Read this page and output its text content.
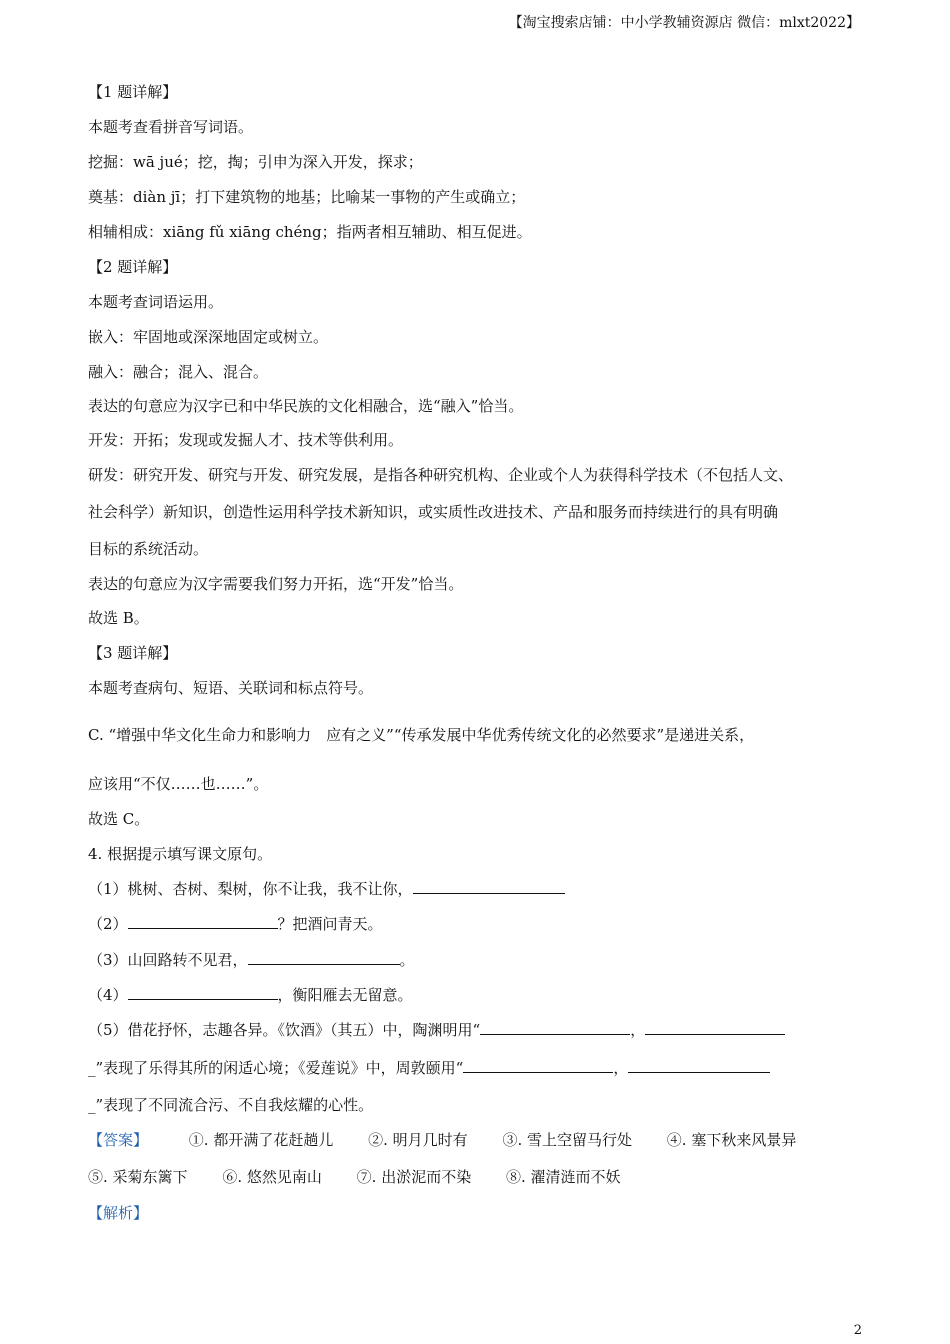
【淘宝搜索店铺：中小学教辅资源店 微信：mlxt2022】
【1 题详解】
本题考查看拼音写词语。
挖掘：wā jué；挖，掏；引申为深入开发，探求；
奠基：diàn jī；打下建筑物的地基；比喻某一事物的产生或确立；
相辅相成：xiāng fǔ xiāng chéng；指两者相互辅助、相互促进。
【2 题详解】
本题考查词语运用。
嵌入：牢固地或深深地固定或树立。
融入：融合；混入、混合。
表达的句意应为汉字已和中华民族的文化相融合，选“融入”恰当。
开发：开拓；发现或发掘人才、技术等供利用。
研发：研究开发、研究与开发、研究发展，是指各种研究机构、企业或个人为获得科学技术（不包括人文、
社会科学）新知识，创造性运用科学技术新知识，或实质性改进技术、产品和服务而持续进行的具有明确
目标的系统活动。
表达的句意应为汉字需要我们努力开拓，选“开发”恰当。
故选 B。
【3 题详解】
本题考查病句、短语、关联词和标点符号。
C. “增强中华文化生命力和影响力　应有之义”“传承发展中华优秀传统文化的必然要求”是递进关系，
应该用“不仅……也……”。
故选 C。
4. 根据提示填写课文原句。
（1）桃树、杏树、梨树，你不让我，我不让你，
（2）	？把酒问青天。
（3）山回路转不见君，	。
（4）	，衡阳雁去无留意。
（5）借花抒怀，志趣各异。《饮酒》（其五）中，陶渊明用“	，
_”表现了乐得其所的闲适心境；《爱莲说》中，周敦颐用“	，
_”表现了不同流合污、不自我炫耀的心性。
【答案】	①. 都开满了花赶趟儿 ②. 明月几时有 ③. 雪上空留马行处 ④. 塞下秋来风景异
⑤. 采菊东篱下 ⑥. 悠然见南山 ⑦. 出淤泥而不染 ⑧. 濯清涟而不妖
【解析】
2
